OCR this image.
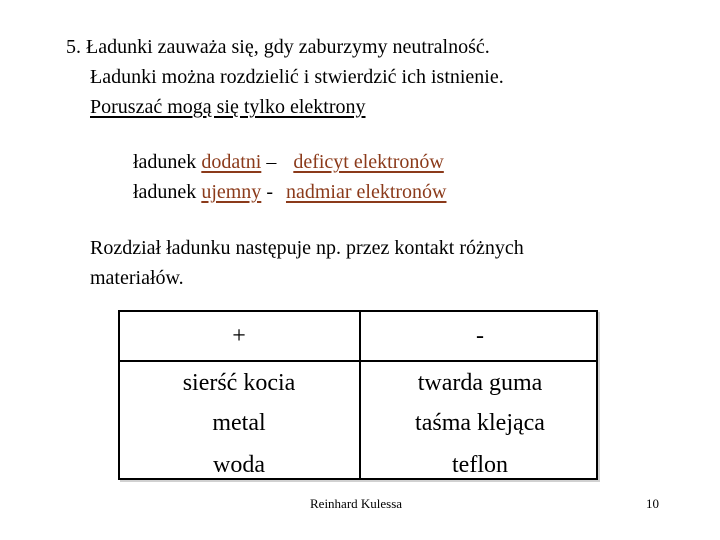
5. Ładunki zauważa się, gdy zaburzymy neutralność.
Ładunki można rozdzielić i stwierdzić ich istnienie.
Poruszać mogą się tylko elektrony
ładunek dodatni – deficyt elektronów
ładunek ujemny - nadmiar elektronów
Rozdział ładunku następuje np. przez kontakt różnych
materiałów.
+	-
sierść kocia
metal
woda
twarda guma
taśma klejąca
teflon
Reinhard Kulessa	10
